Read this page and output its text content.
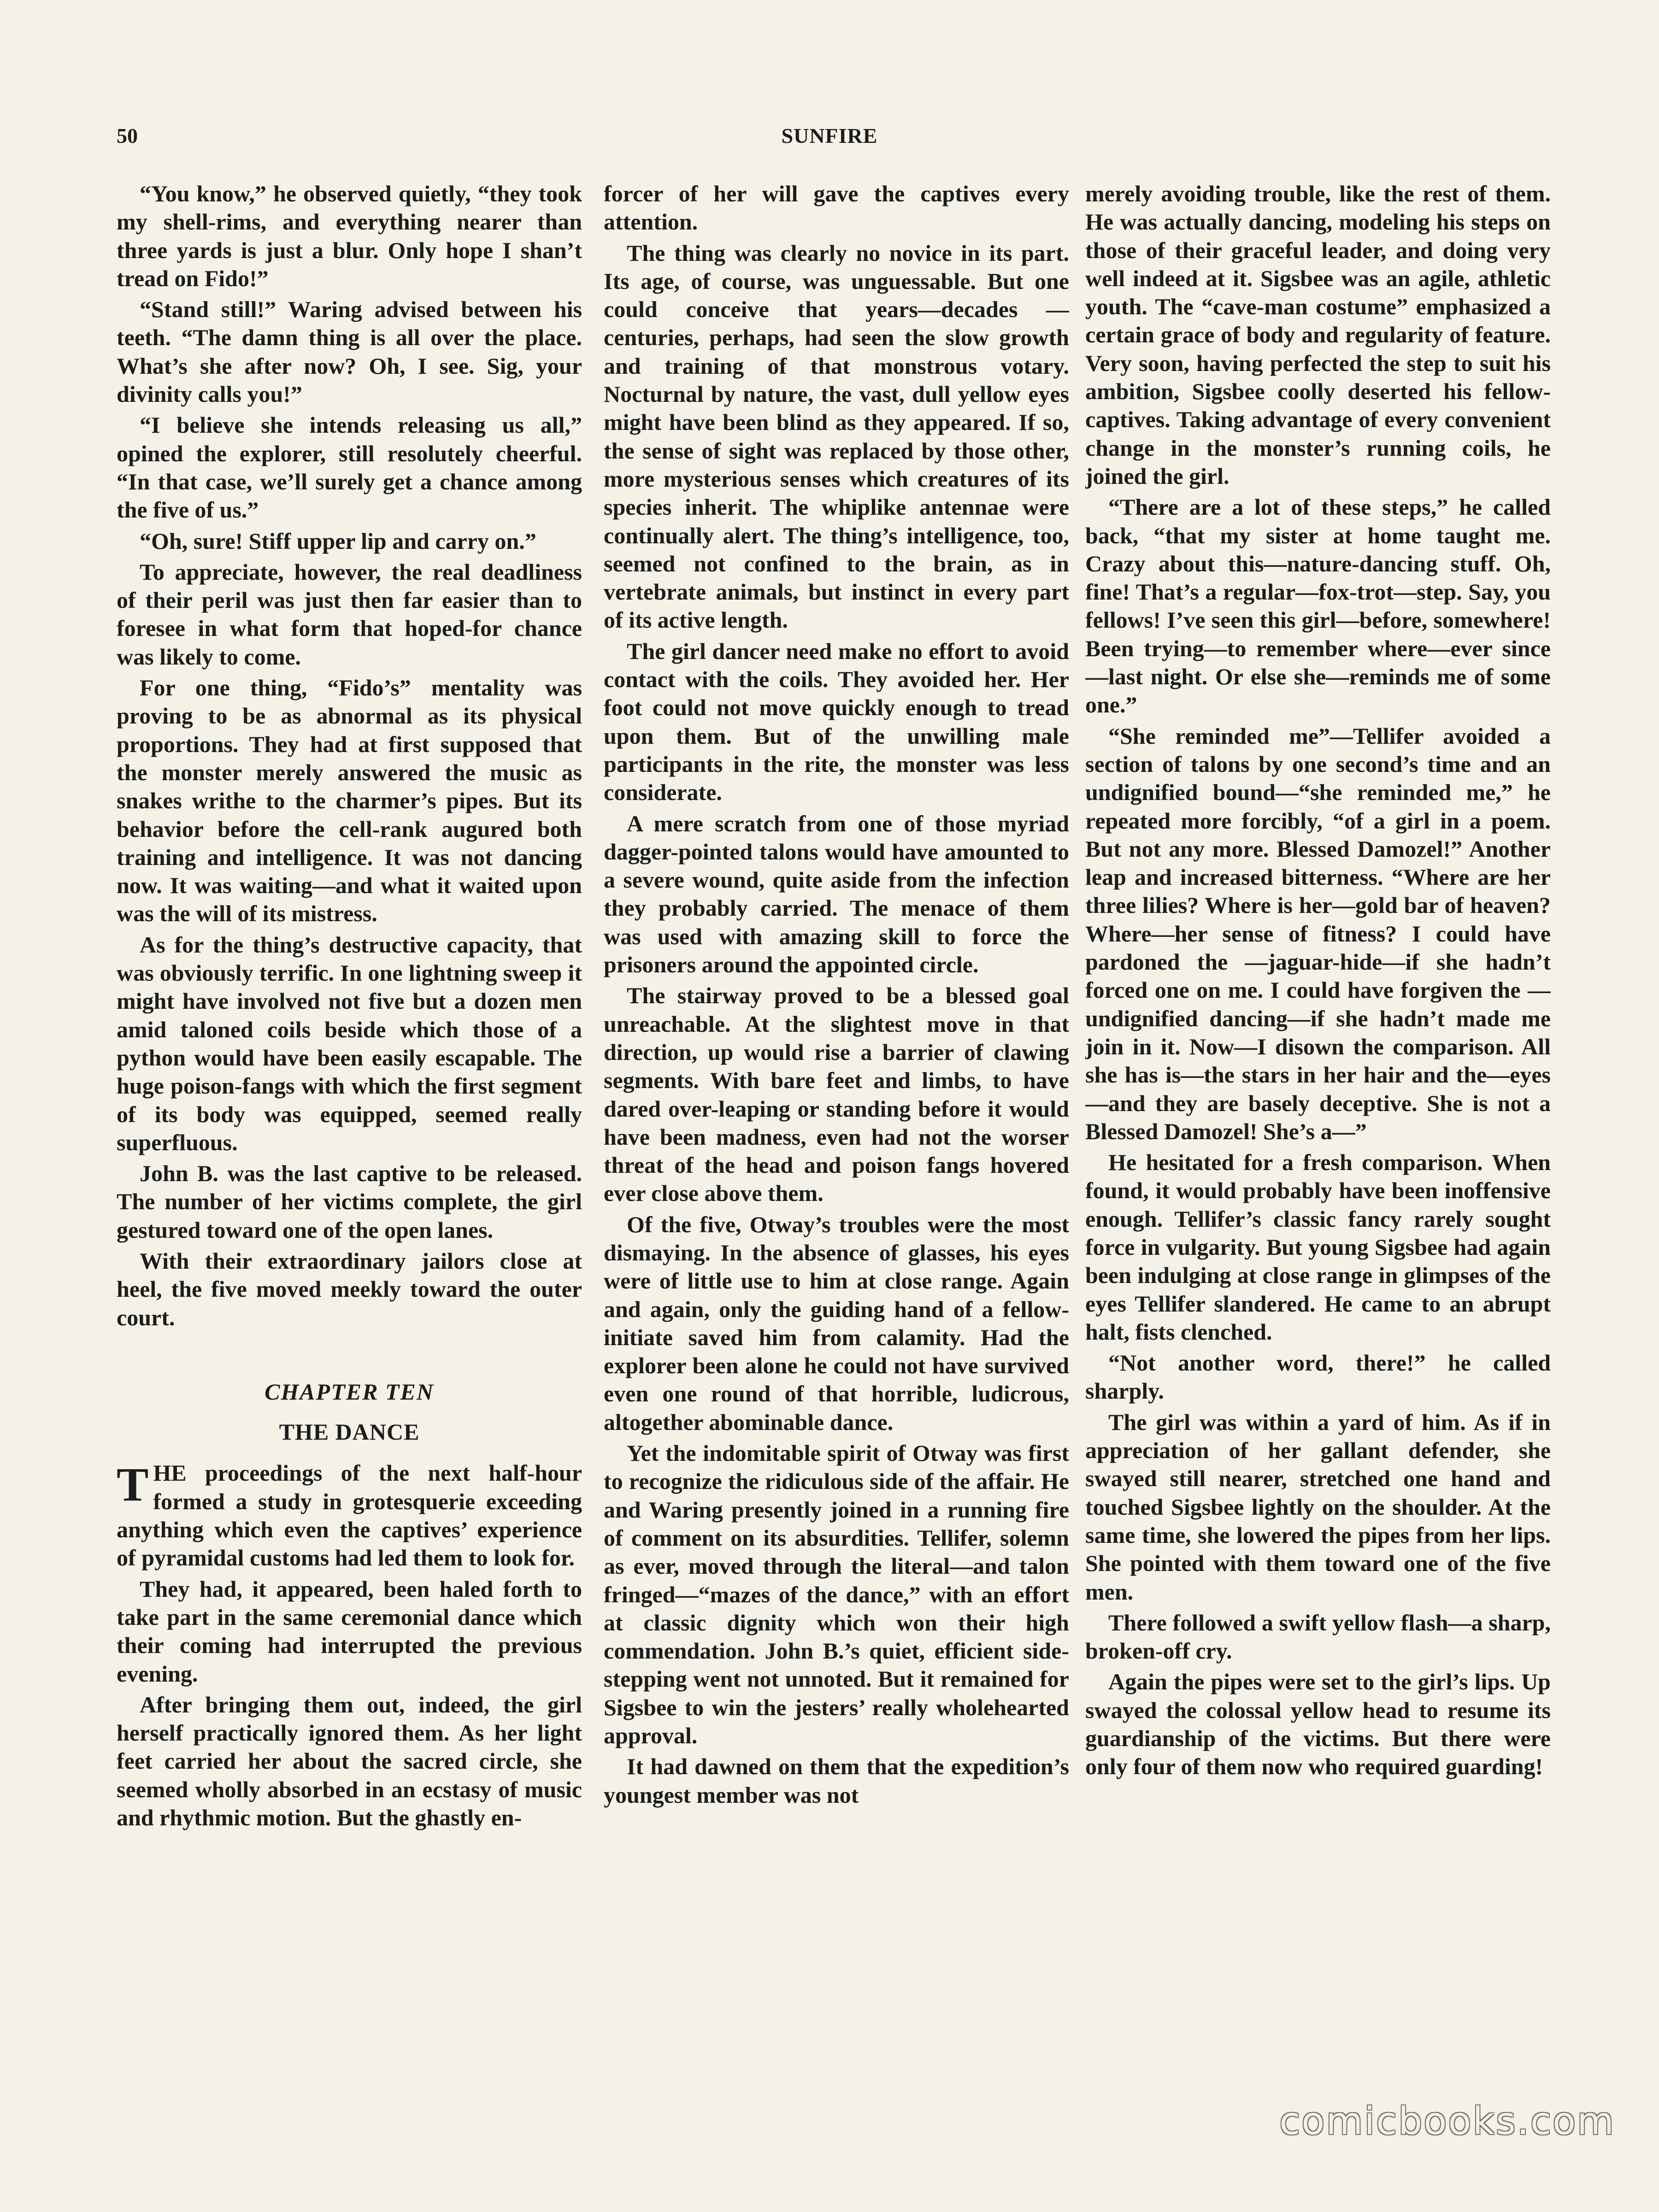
50	SUNFIRE

“You know,” he observed quietly, “they took my shell-rims, and everything nearer than three yards is just a blur. Only hope I shan’t tread on Fido!”

“Stand still!” Waring advised between his teeth. “The damn thing is all over the place. What’s she after now? Oh, I see. Sig, your divinity calls you!”

“I believe she intends releasing us all,” opined the explorer, still resolutely cheerful. “In that case, we’ll surely get a chance among the five of us.”

“Oh, sure! Stiff upper lip and carry on.”

To appreciate, however, the real deadliness of their peril was just then far easier than to foresee in what form that hoped-for chance was likely to come.

For one thing, “Fido’s” mentality was proving to be as abnormal as its physical proportions. They had at first supposed that the monster merely answered the music as snakes writhe to the charmer’s pipes. But its behavior before the cell-rank augured both training and intelligence. It was not dancing now. It was waiting—and what it waited upon was the will of its mistress.

As for the thing’s destructive capacity, that was obviously terrific. In one lightning sweep it might have involved not five but a dozen men amid taloned coils beside which those of a python would have been easily escapable. The huge poison-fangs with which the first segment of its body was equipped, seemed really superfluous.

John B. was the last captive to be released. The number of her victims complete, the girl gestured toward one of the open lanes.

With their extraordinary jailors close at heel, the five moved meekly toward the outer court.

CHAPTER TEN
THE DANCE

THE proceedings of the next half-hour formed a study in grotesquerie exceeding anything which even the captives’ experience of pyramidal customs had led them to look for.

They had, it appeared, been haled forth to take part in the same ceremonial dance which their coming had interrupted the previous evening.

After bringing them out, indeed, the girl herself practically ignored them. As her light feet carried her about the sacred circle, she seemed wholly absorbed in an ecstasy of music and rhythmic motion. But the ghastly en-

forcer of her will gave the captives every attention.

The thing was clearly no novice in its part. Its age, of course, was unguessable. But one could conceive that years—decades — centuries, perhaps, had seen the slow growth and training of that monstrous votary. Nocturnal by nature, the vast, dull yellow eyes might have been blind as they appeared. If so, the sense of sight was replaced by those other, more mysterious senses which creatures of its species inherit. The whiplike antennae were continually alert. The thing’s intelligence, too, seemed not confined to the brain, as in vertebrate animals, but instinct in every part of its active length.

The girl dancer need make no effort to avoid contact with the coils. They avoided her. Her foot could not move quickly enough to tread upon them. But of the unwilling male participants in the rite, the monster was less considerate.

A mere scratch from one of those myriad dagger-pointed talons would have amounted to a severe wound, quite aside from the infection they probably carried. The menace of them was used with amazing skill to force the prisoners around the appointed circle.

The stairway proved to be a blessed goal unreachable. At the slightest move in that direction, up would rise a barrier of clawing segments. With bare feet and limbs, to have dared over-leaping or standing before it would have been madness, even had not the worser threat of the head and poison fangs hovered ever close above them.

Of the five, Otway’s troubles were the most dismaying. In the absence of glasses, his eyes were of little use to him at close range. Again and again, only the guiding hand of a fellow-initiate saved him from calamity. Had the explorer been alone he could not have survived even one round of that horrible, ludicrous, altogether abominable dance.

Yet the indomitable spirit of Otway was first to recognize the ridiculous side of the affair. He and Waring presently joined in a running fire of comment on its absurdities. Tellifer, solemn as ever, moved through the literal—and talon fringed—“mazes of the dance,” with an effort at classic dignity which won their high commendation. John B.’s quiet, efficient side-stepping went not unnoted. But it remained for Sigsbee to win the jesters’ really wholehearted approval.

It had dawned on them that the expedition’s youngest member was not

merely avoiding trouble, like the rest of them. He was actually dancing, modeling his steps on those of their graceful leader, and doing very well indeed at it. Sigsbee was an agile, athletic youth. The “cave-man costume” emphasized a certain grace of body and regularity of feature. Very soon, having perfected the step to suit his ambition, Sigsbee coolly deserted his fellow-captives. Taking advantage of every convenient change in the monster’s running coils, he joined the girl.

“There are a lot of these steps,” he called back, “that my sister at home taught me. Crazy about this—nature-dancing stuff. Oh, fine! That’s a regular—fox-trot—step. Say, you fellows! I’ve seen this girl—before, somewhere! Been trying—to remember where—ever since—last night. Or else she—reminds me of some one.”

“She reminded me”—Tellifer avoided a section of talons by one second’s time and an undignified bound—“she reminded me,” he repeated more forcibly, “of a girl in a poem. But not any more. Blessed Damozel!” Another leap and increased bitterness. “Where are her three lilies? Where is her—gold bar of heaven? Where—her sense of fitness? I could have pardoned the —jaguar-hide—if she hadn’t forced one on me. I could have forgiven the —undignified dancing—if she hadn’t made me join in it. Now—I disown the comparison. All she has is—the stars in her hair and the—eyes—and they are basely deceptive. She is not a Blessed Damozel! She’s a—”

He hesitated for a fresh comparison. When found, it would probably have been inoffensive enough. Tellifer’s classic fancy rarely sought force in vulgarity. But young Sigsbee had again been indulging at close range in glimpses of the eyes Tellifer slandered. He came to an abrupt halt, fists clenched.

“Not another word, there!” he called sharply.

The girl was within a yard of him. As if in appreciation of her gallant defender, she swayed still nearer, stretched one hand and touched Sigsbee lightly on the shoulder. At the same time, she lowered the pipes from her lips. She pointed with them toward one of the five men.

There followed a swift yellow flash—a sharp, broken-off cry.

Again the pipes were set to the girl’s lips. Up swayed the colossal yellow head to resume its guardianship of the victims. But there were only four of them now who required guarding!

comicbooks.com
